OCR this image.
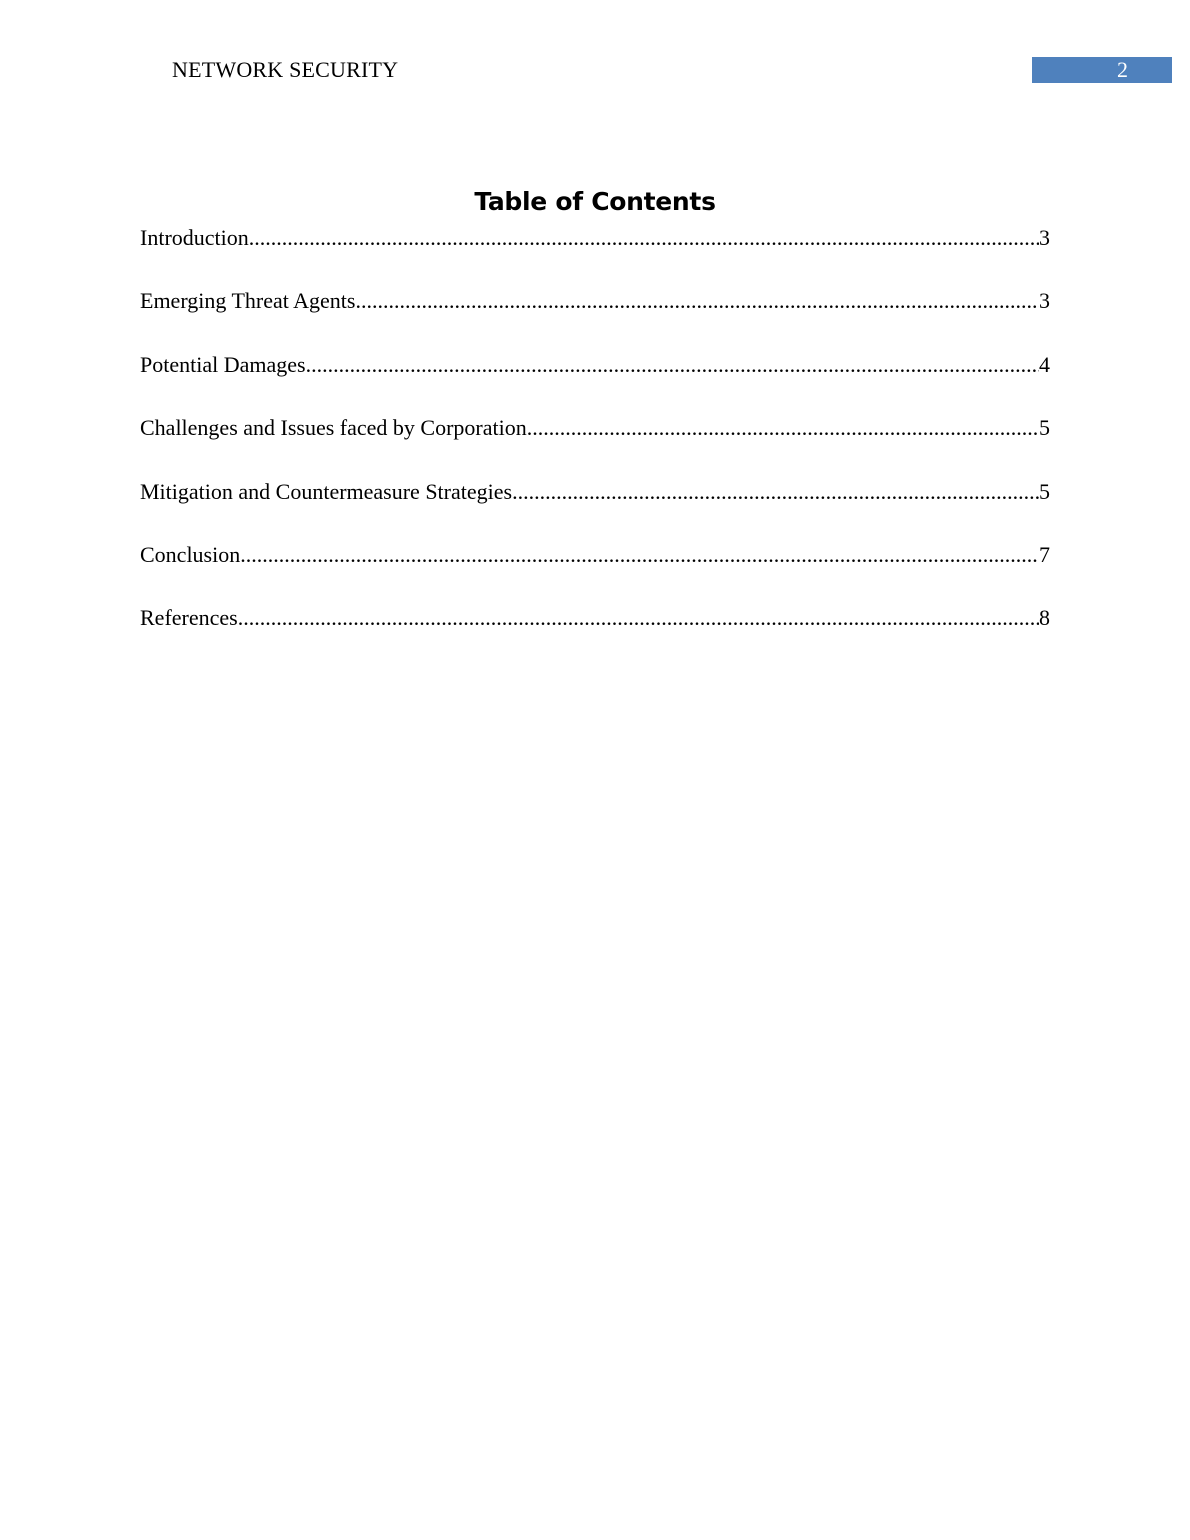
NETWORK SECURITY	2
Table of Contents
Introduction .....	3
Emerging Threat Agents .....	3
Potential Damages .....	4
Challenges and Issues faced by Corporation .....	5
Mitigation and Countermeasure Strategies .....	5
Conclusion .....	7
References .....	8
